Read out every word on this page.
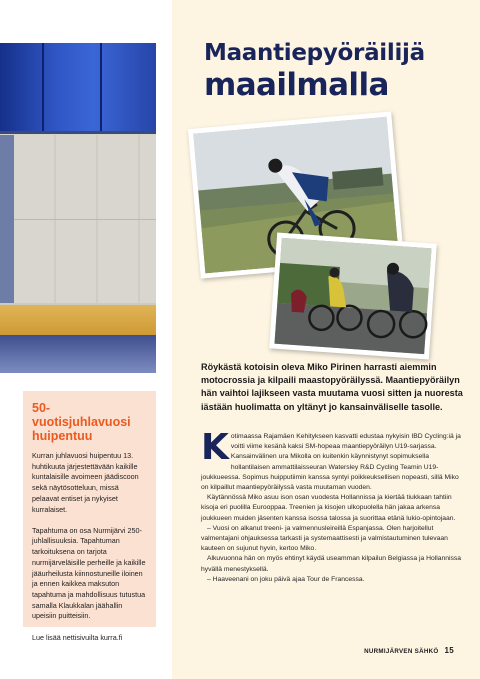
50-vuotisjuhlavuosi huipentuu

Kurran juhlavuosi huipentuu 13. huhtikuuta järjestettävään kaikille kuntalaisille avoimeen jäädiscoon sekä näytösotteluun, missä pelaavat entiset ja nykyiset kurralaiset.

Tapahtuma on osa Nurmijärvi 250-juhlallisuuksia. Tapahtuman tarkoituksena on tarjota nurmijärveläisille perheille ja kaikille jääurheilusta kiinnostuneille iloinen ja ennen kaikkea maksuton tapahtuma ja mahdollisuus tutustua samalla Klaukkalan jäähallin upeisiin puitteisiin.

Lue lisää nettisivuilta kurra.fi

Maantiepyöräilijä
maailmalla
Röykästä kotoisin oleva Miko Pirinen harrasti aiemmin motocrossia ja kilpaili maastopyöräilyssä. Maantiepyöräilyn hän vaihtoi lajikseen vasta muutama vuosi sitten ja nuoresta iästään huolimatta on yltänyt jo kansainväliselle tasolle.

Kotimaassa Rajamäen Kehitykseen kasvatti edustaa nykyisin IBD Cycling:iä ja voitti viime kesänä kaksi SM-hopeaa maantiepyöräilyn U19-sarjassa. Kansainvälinen ura Mikolla on kuitenkin käynnistynyt sopimuksella hollantilaisen ammattilaisseuran Watersley R&D Cycling Teamin U19-joukkueessa. Sopimus huipputiimin kanssa syntyi poikkeuksellisen nopeasti, sillä Miko on kilpaillut maantiepyöräilyssä vasta muutaman vuoden.

Käytännössä Miko asuu ison osan vuodesta Hollannissa ja kiertää tiukkaan tahtiin kisoja eri puolilla Eurooppaa. Treenien ja kisojen ulkopuolella hän jakaa arkensa joukkueen muiden jäsenten kanssa isossa talossa ja suorittaa etänä lukio-opintojaan.

– Vuosi on alkanut treeni- ja valmennusleireillä Espanjassa. Olen harjoitellut valmentajani ohjauksessa tarkasti ja systemaattisesti ja valmistautuminen tulevaan kauteen on sujunut hyvin, kertoo Miko.

Alkuvuonna hän on myös ehtinyt käydä useamman kilpailun Belgiassa ja Hollannissa hyvällä menestyksellä.

– Haaveenani on joku päivä ajaa Tour de Francessa.

NURMIJÄRVEN SÄHKÖ 15
